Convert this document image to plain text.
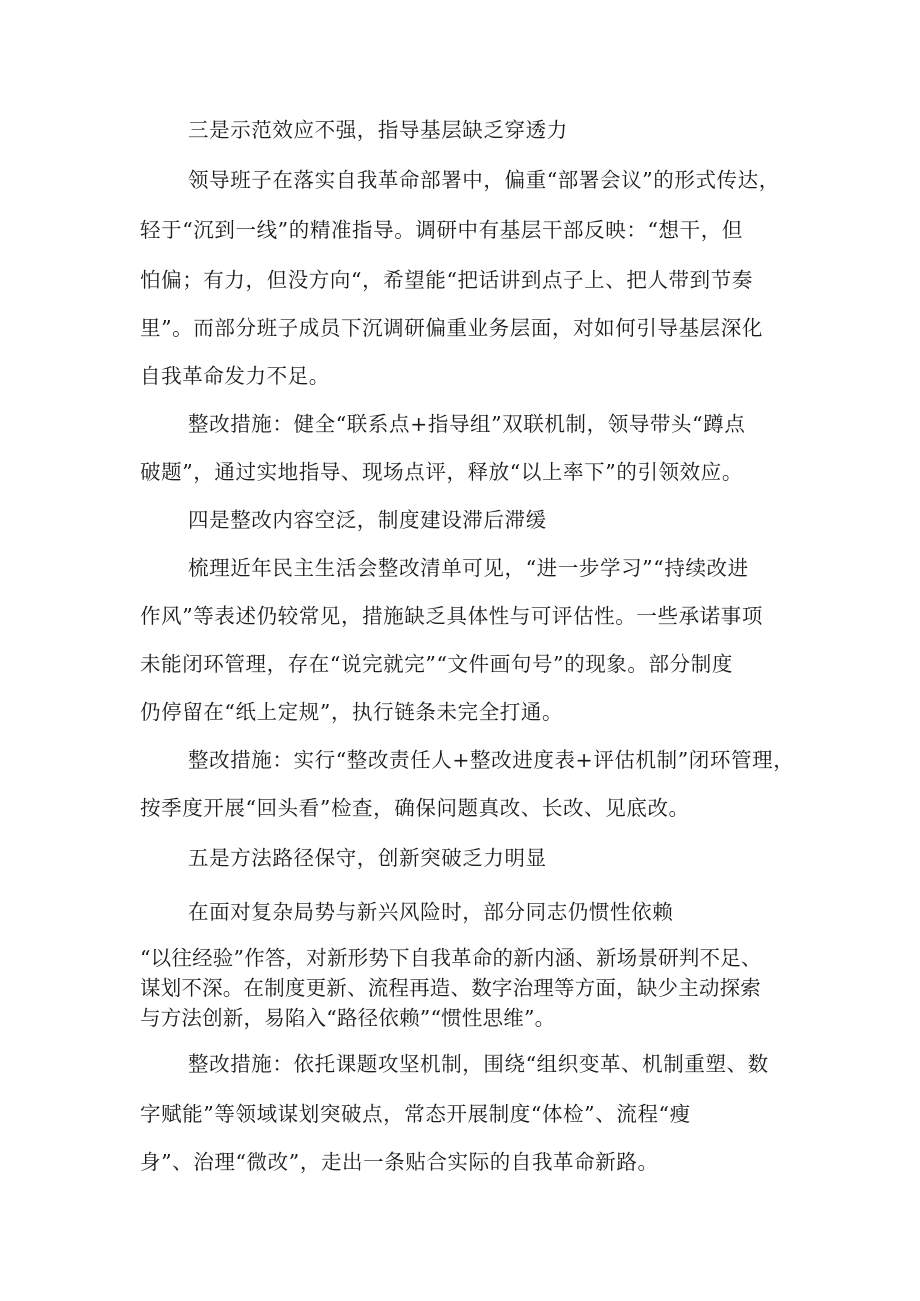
三是示范效应不强，指导基层缺乏穿透力
领导班子在落实自我革命部署中，偏重“部署会议”的形式传达，
轻于“沉到一线”的精准指导。调研中有基层干部反映：“想干，但
怕偏；有力，但没方向“，希望能“把话讲到点子上、把人带到节奏
里”。而部分班子成员下沉调研偏重业务层面，对如何引导基层深化
自我革命发力不足。
整改措施：健全“联系点+指导组”双联机制，领导带头“蹲点
破题”，通过实地指导、现场点评，释放“以上率下”的引领效应。
四是整改内容空泛，制度建设滞后滞缓
梳理近年民主生活会整改清单可见，“进一步学习”“持续改进
作风”等表述仍较常见，措施缺乏具体性与可评估性。一些承诺事项
未能闭环管理，存在“说完就完”“文件画句号”的现象。部分制度
仍停留在“纸上定规”，执行链条未完全打通。
整改措施：实行“整改责任人+整改进度表+评估机制”闭环管理，
按季度开展“回头看”检查，确保问题真改、长改、见底改。
五是方法路径保守，创新突破乏力明显
在面对复杂局势与新兴风险时，部分同志仍惯性依赖
“以往经验”作答，对新形势下自我革命的新内涵、新场景研判不足、
谋划不深。在制度更新、流程再造、数字治理等方面，缺少主动探索
与方法创新，易陷入“路径依赖”“惯性思维”。
整改措施：依托课题攻坚机制，围绕“组织变革、机制重塑、数
字赋能”等领域谋划突破点，常态开展制度“体检”、流程“瘦
身”、治理“微改”，走出一条贴合实际的自我革命新路。
